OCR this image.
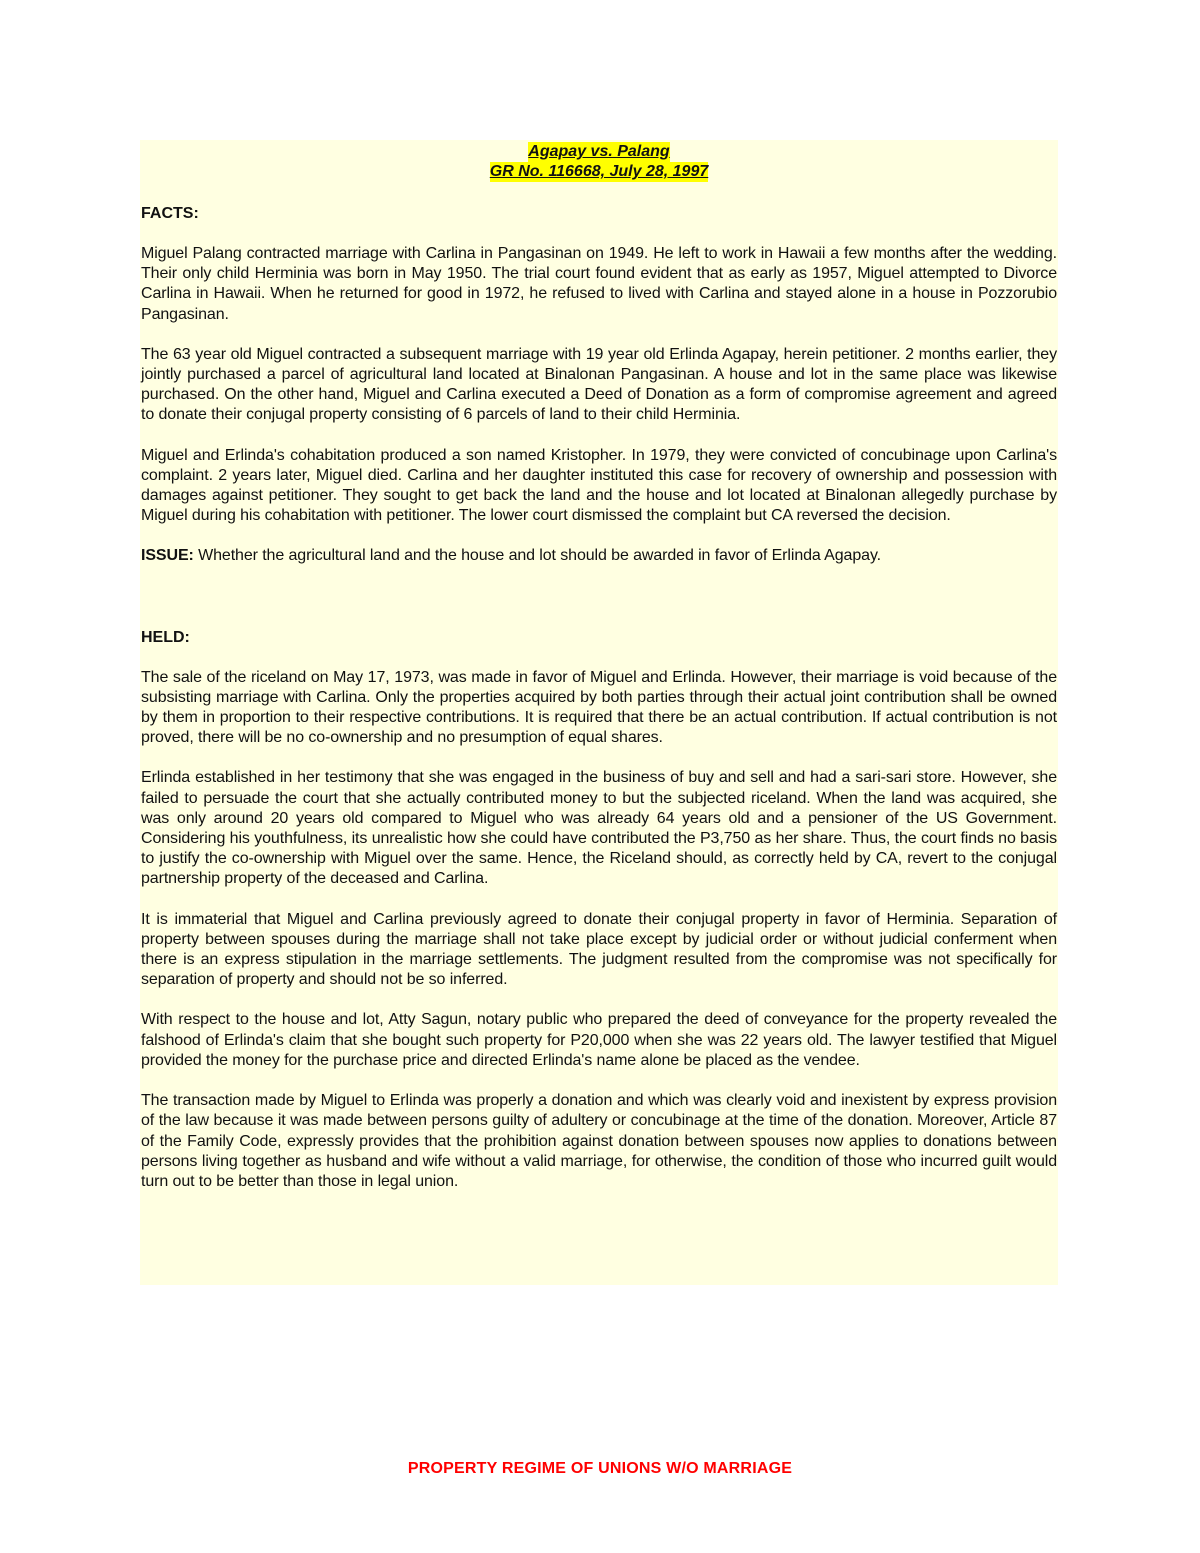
Agapay vs. Palang
GR No. 116668, July 28, 1997

FACTS:

Miguel Palang contracted marriage with Carlina in Pangasinan on 1949. He left to work in Hawaii a few months after the wedding. Their only child Herminia was born in May 1950. The trial court found evident that as early as 1957, Miguel attempted to Divorce Carlina in Hawaii. When he returned for good in 1972, he refused to lived with Carlina and stayed alone in a house in Pozzorubio Pangasinan.

The 63 year old Miguel contracted a subsequent marriage with 19 year old Erlinda Agapay, herein petitioner. 2 months earlier, they jointly purchased a parcel of agricultural land located at Binalonan Pangasinan. A house and lot in the same place was likewise purchased. On the other hand, Miguel and Carlina executed a Deed of Donation as a form of compromise agreement and agreed to donate their conjugal property consisting of 6 parcels of land to their child Herminia.

Miguel and Erlinda's cohabitation produced a son named Kristopher. In 1979, they were convicted of concubinage upon Carlina's complaint. 2 years later, Miguel died. Carlina and her daughter instituted this case for recovery of ownership and possession with damages against petitioner. They sought to get back the land and the house and lot located at Binalonan allegedly purchase by Miguel during his cohabitation with petitioner. The lower court dismissed the complaint but CA reversed the decision.

ISSUE: Whether the agricultural land and the house and lot should be awarded in favor of Erlinda Agapay.

HELD:

The sale of the riceland on May 17, 1973, was made in favor of Miguel and Erlinda. However, their marriage is void because of the subsisting marriage with Carlina. Only the properties acquired by both parties through their actual joint contribution shall be owned by them in proportion to their respective contributions. It is required that there be an actual contribution. If actual contribution is not proved, there will be no co-ownership and no presumption of equal shares.

Erlinda established in her testimony that she was engaged in the business of buy and sell and had a sari-sari store. However, she failed to persuade the court that she actually contributed money to but the subjected riceland. When the land was acquired, she was only around 20 years old compared to Miguel who was already 64 years old and a pensioner of the US Government. Considering his youthfulness, its unrealistic how she could have contributed the P3,750 as her share. Thus, the court finds no basis to justify the co-ownership with Miguel over the same. Hence, the Riceland should, as correctly held by CA, revert to the conjugal partnership property of the deceased and Carlina.

It is immaterial that Miguel and Carlina previously agreed to donate their conjugal property in favor of Herminia. Separation of property between spouses during the marriage shall not take place except by judicial order or without judicial conferment when there is an express stipulation in the marriage settlements. The judgment resulted from the compromise was not specifically for separation of property and should not be so inferred.

With respect to the house and lot, Atty Sagun, notary public who prepared the deed of conveyance for the property revealed the falshood of Erlinda's claim that she bought such property for P20,000 when she was 22 years old. The lawyer testified that Miguel provided the money for the purchase price and directed Erlinda's name alone be placed as the vendee.

The transaction made by Miguel to Erlinda was properly a donation and which was clearly void and inexistent by express provision of the law because it was made between persons guilty of adultery or concubinage at the time of the donation. Moreover, Article 87 of the Family Code, expressly provides that the prohibition against donation between spouses now applies to donations between persons living together as husband and wife without a valid marriage, for otherwise, the condition of those who incurred guilt would turn out to be better than those in legal union.

PROPERTY REGIME OF UNIONS W/O MARRIAGE
